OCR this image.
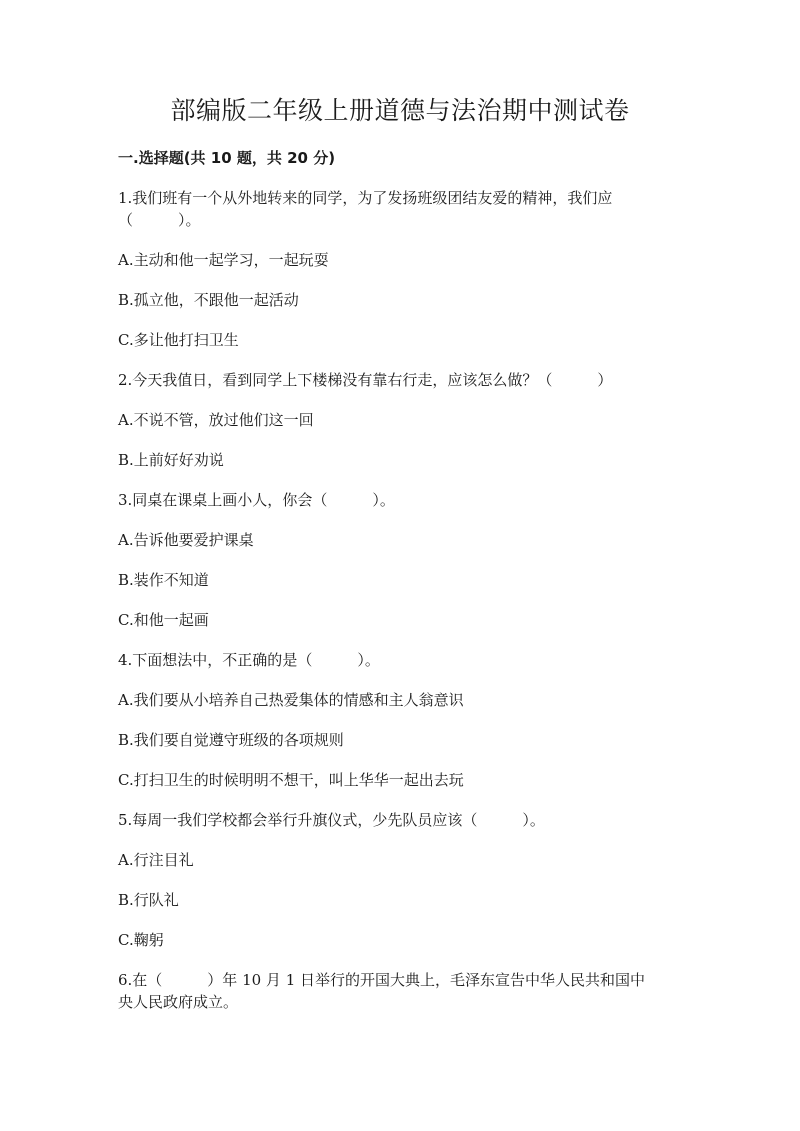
部编版二年级上册道德与法治期中测试卷
一.选择题(共 10 题，共 20 分)

1.我们班有一个从外地转来的同学，为了发扬班级团结友爱的精神，我们应

（　　　）。

A.主动和他一起学习，一起玩耍

B.孤立他，不跟他一起活动

C.多让他打扫卫生

2.今天我值日，看到同学上下楼梯没有靠右行走，应该怎么做？（　　　）

A.不说不管，放过他们这一回

B.上前好好劝说

3.同桌在课桌上画小人，你会（　　　）。

A.告诉他要爱护课桌

B.装作不知道

C.和他一起画

4.下面想法中，不正确的是（　　　）。

A.我们要从小培养自己热爱集体的情感和主人翁意识

B.我们要自觉遵守班级的各项规则

C.打扫卫生的时候明明不想干，叫上华华一起出去玩

5.每周一我们学校都会举行升旗仪式，少先队员应该（　　　）。

A.行注目礼

B.行队礼

C.鞠躬

6.在（　　　）年 10 月 1 日举行的开国大典上，毛泽东宣告中华人民共和国中

央人民政府成立。
